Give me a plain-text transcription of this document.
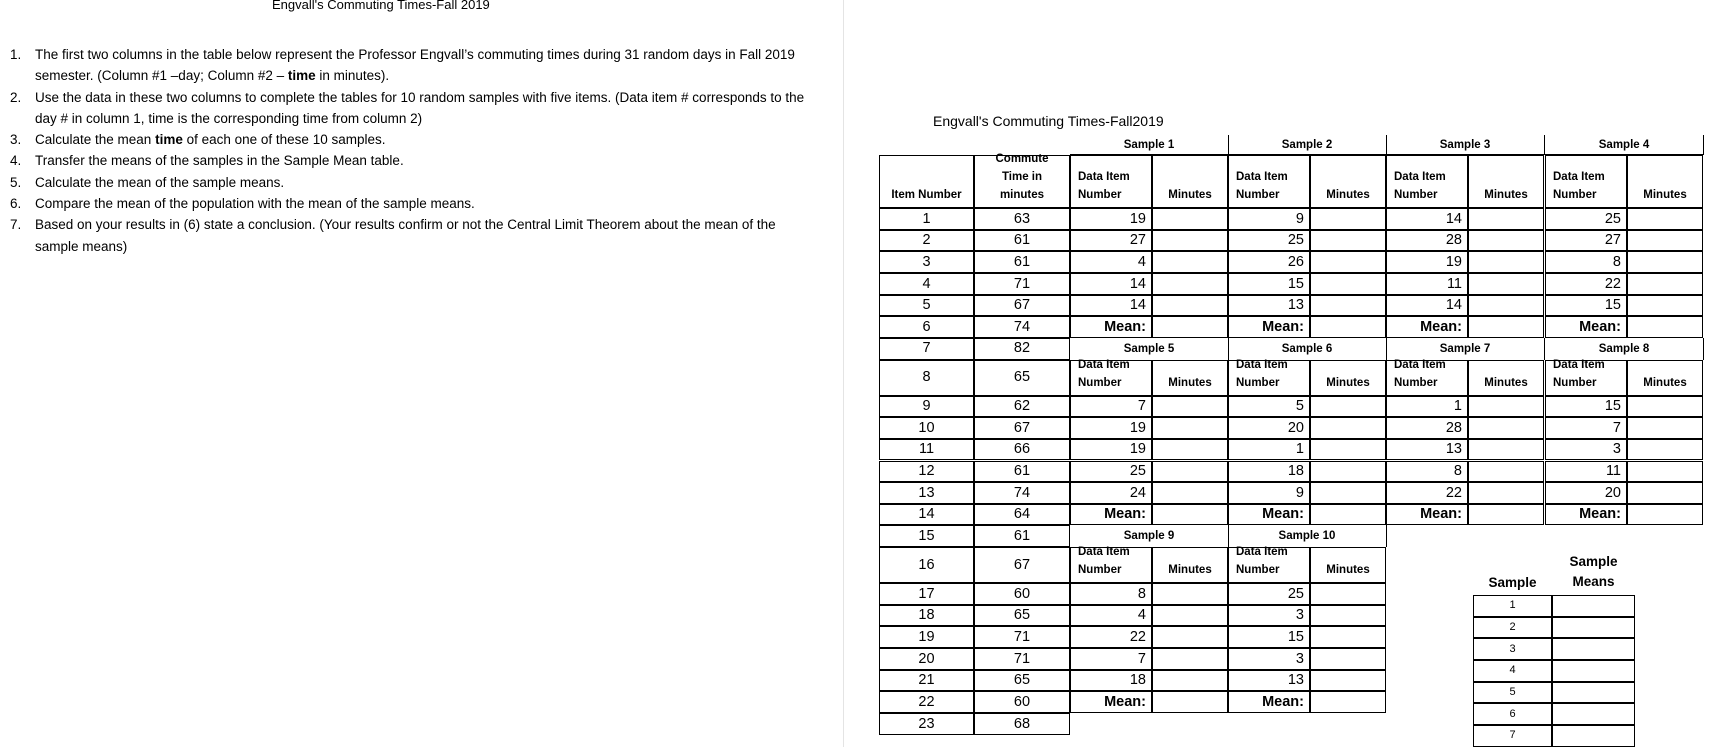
Engvall's Commuting Times-Fall 2019
1. The first two columns in the table below represent the Professor Engvall’s commuting times during 31 random days in Fall 2019 semester. (Column #1 –day; Column #2 – time in minutes).
2. Use the data in these two columns to complete the tables for 10 random samples with five items. (Data item # corresponds to the day # in column 1, time is the corresponding time from column 2)
3. Calculate the mean time of each one of these 10 samples.
4. Transfer the means of the samples in the Sample Mean table.
5. Calculate the mean of the sample means.
6. Compare the mean of the population with the mean of the sample means.
7. Based on your results in (6) state a conclusion. (Your results confirm or not the Central Limit Theorem about the mean of the sample means)
Engvall's Commuting Times-Fall2019
Item Number
Commute
Time in
minutes
1	63
2	61
3	61
4	71
5	67
6	74
7	82
8	65
9	62
10	67
11	66
12	61
13	74
14	64
15	61
16	67
17	60
18	65
19	71
20	71
21	65
22	60
23	68
Sample 1
Data Item
Number	Minutes
19
27
4
14
14
Mean:
Sample 2
Data Item
Number	Minutes
9
25
26
15
13
Mean:
Sample 3
Data Item
Number	Minutes
14
28
19
11
14
Mean:
Sample 4
Data Item
Number	Minutes
25
27
8
22
15
Mean:
Sample 5
Data Item
Number	Minutes
7
19
19
25
24
Mean:
Sample 6
Data Item
Number	Minutes
5
20
1
18
9
Mean:
Sample 7
Data Item
Number	Minutes
1
28
13
8
22
Mean:
Sample 8
Data Item
Number	Minutes
15
7
3
11
20
Mean:
Sample 9
Data Item
Number	Minutes
8
4
22
7
18
Mean:
Sample 10
Data Item
Number	Minutes
25
3
15
3
13
Mean:
Sample
Sample
Means
1
2
3
4
5
6
7
